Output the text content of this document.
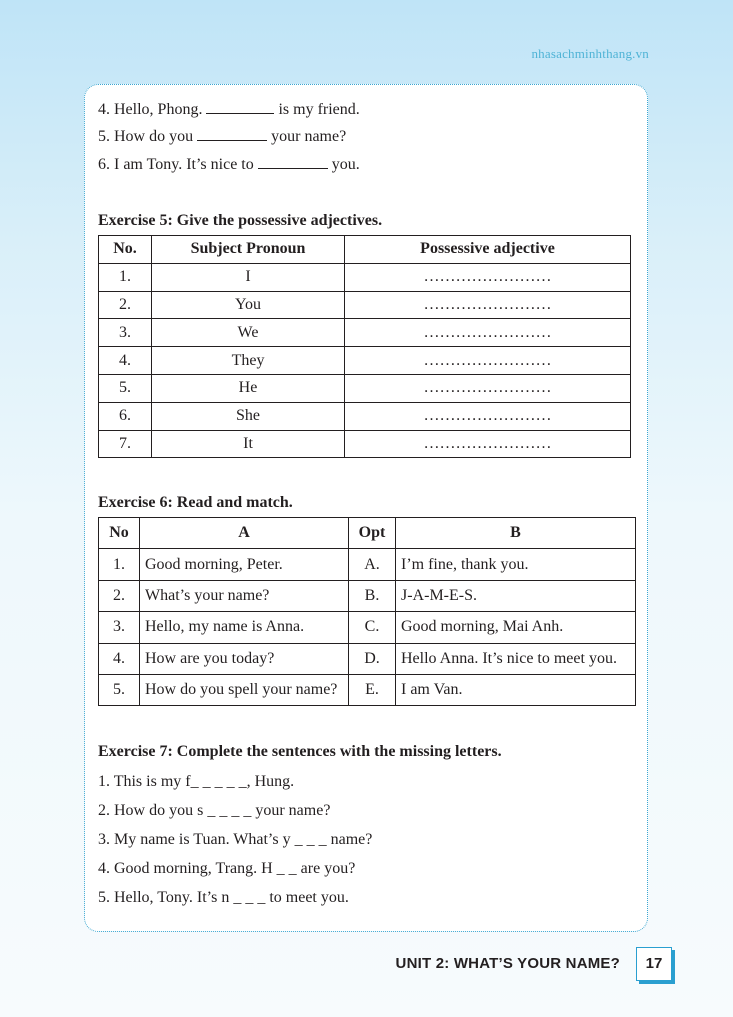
nhasachminhthang.vn
4. Hello, Phong.	is my friend.
5. How do you	your name?
6. I am Tony. It’s nice to	you.
Exercise 5: Give the possessive adjectives.
No.	Subject Pronoun	Possessive adjective
1.	I	……………………
2.	You	……………………
3.	We	……………………
4.	They	……………………
5.	He	……………………
6.	She	……………………
7.	It	……………………
Exercise 6: Read and match.
No	A	Opt	B
1.	Good morning, Peter.	A.	I’m fine, thank you.
2.	What’s your name?	B.	J-A-M-E-S.
3.	Hello, my name is Anna.	C.	Good morning, Mai Anh.
4.	How are you today?	D.	Hello Anna. It’s nice to meet you.
5.	How do you spell your name?	E.	I am Van.
Exercise 7: Complete the sentences with the missing letters.
1. This is my f_ _ _ _ _, Hung.
2. How do you s _ _ _ _ your name?
3. My name is Tuan. What’s y _ _ _ name?
4. Good morning, Trang. H _ _ are you?
5. Hello, Tony. It’s n _ _ _ to meet you.
UNIT 2: WHAT’S YOUR NAME?	17
